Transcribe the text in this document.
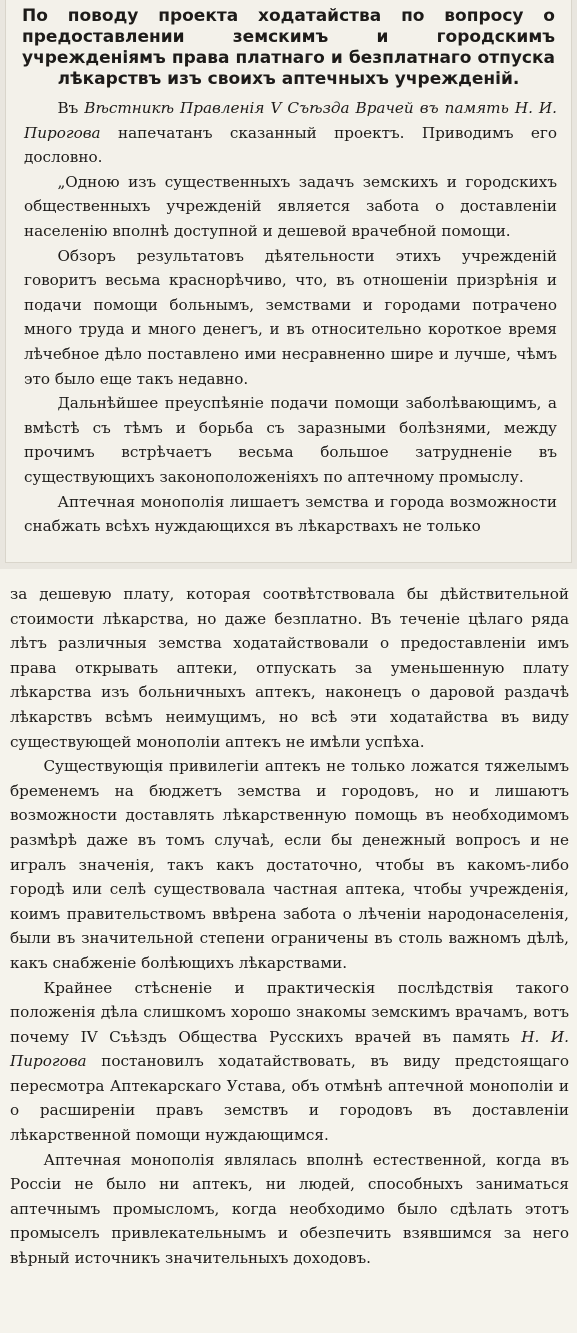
По поводу проекта ходатайства по вопросу о предоставлении земскимъ и городскимъ учрежденіямъ права платнаго и безплатнаго отпуска лѣкарствъ изъ своихъ аптечныхъ учрежденій.

Въ Вѣстникѣ Правленія V Съѣзда Врачей въ память Н. И. Пирогова напечатанъ сказанный проектъ. Приводимъ его дословно.

„Одною изъ существенныхъ задачъ земскихъ и городскихъ общественныхъ учрежденій является забота о доставленіи населенію вполнѣ доступной и дешевой врачебной помощи.

Обзоръ результатовъ дѣятельности этихъ учрежденій говоритъ весьма краснорѣчиво, что, въ отношеніи призрѣнія и подачи помощи больнымъ, земствами и городами потрачено много труда и много денегъ, и въ относительно короткое время лѣчебное дѣло поставлено ими несравненно шире и лучше, чѣмъ это было еще такъ недавно.

Дальнѣйшее преуспѣяніе подачи помощи заболѣвающимъ, а вмѣстѣ съ тѣмъ и борьба съ заразными болѣзнями, между прочимъ встрѣчаетъ весьма большое затрудненіе въ существующихъ законоположеніяхъ по аптечному промыслу.

Аптечная монополія лишаетъ земства и города возможности снабжать всѣхъ нуждающихся въ лѣкарствахъ не только

за дешевую плату, которая соотвѣтствовала бы дѣйствительной стоимости лѣкарства, но даже безплатно. Въ теченіе цѣлаго ряда лѣтъ различныя земства ходатайствовали о предоставленіи имъ права открывать аптеки, отпускать за уменьшенную плату лѣкарства изъ больничныхъ аптекъ, наконецъ о даровой раздачѣ лѣкарствъ всѣмъ неимущимъ, но всѣ эти ходатайства въ виду существующей монополіи аптекъ не имѣли успѣха.

Существующія привилегіи аптекъ не только ложатся тяжелымъ бременемъ на бюджетъ земства и городовъ, но и лишаютъ возможности доставлять лѣкарственную помощь въ необходимомъ размѣрѣ даже въ томъ случаѣ, если бы денежный вопросъ и не игралъ значенія, такъ какъ достаточно, чтобы въ какомъ-либо городѣ или селѣ существовала частная аптека, чтобы учрежденія, коимъ правительствомъ ввѣрена забота о лѣченіи народонаселенія, были въ значительной степени ограничены въ столь важномъ дѣлѣ, какъ снабженіе болѣющихъ лѣкарствами.

Крайнее стѣсненіе и практическія послѣдствія такого положенія дѣла слишкомъ хорошо знакомы земскимъ врачамъ, вотъ почему IV Съѣздъ Общества Русскихъ врачей въ память Н. И. Пирогова постановилъ ходатайствовать, въ виду предстоящаго пересмотра Аптекарскаго Устава, объ отмѣнѣ аптечной монополіи и о расширеніи правъ земствъ и городовъ въ доставленіи лѣкарственной помощи нуждающимся.

Аптечная монополія являлась вполнѣ естественной, когда въ Россіи не было ни аптекъ, ни людей, способныхъ заниматься аптечнымъ промысломъ, когда необходимо было сдѣлать этотъ промыселъ привлекательнымъ и обезпечить взявшимся за него вѣрный источникъ значительныхъ доходовъ.
